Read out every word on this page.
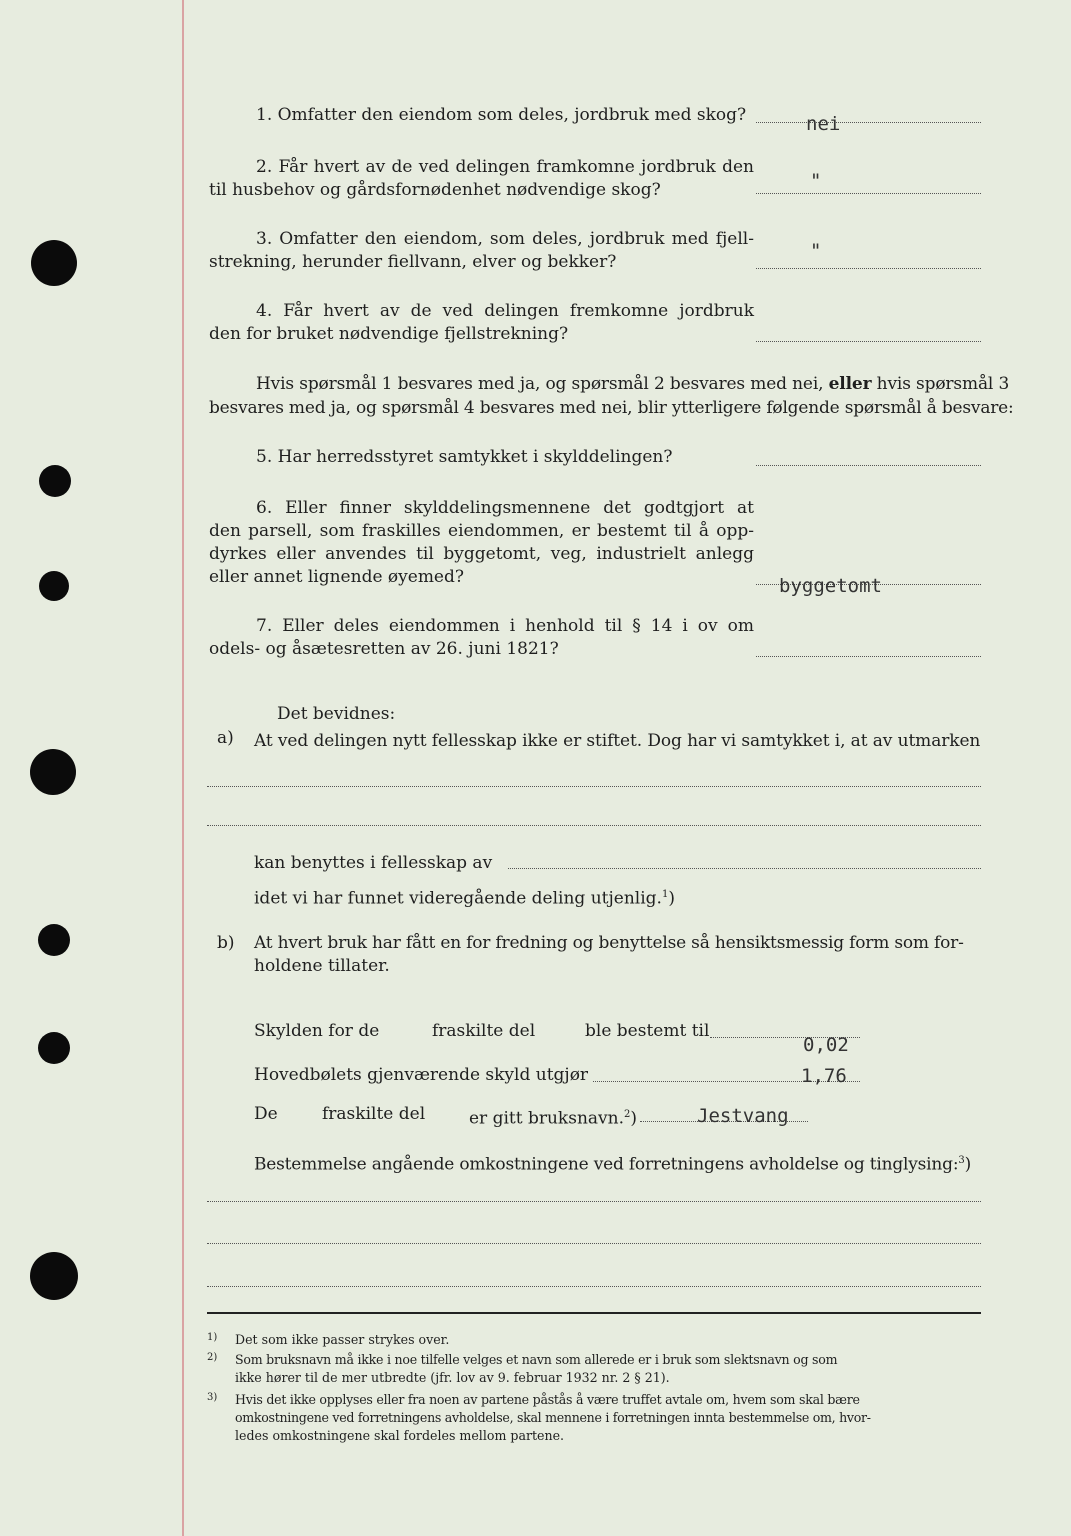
1. Omfatter den eiendom som deles, jordbruk med skog?	nei
2. Får hvert av de ved delingen framkomne jordbruk den
til husbehov og gårdsfornødenhet nødvendige skog?	"
3. Omfatter den eiendom, som deles, jordbruk med fjell-
strekning, herunder fiellvann, elver og bekker?	"
4. Får hvert av de ved delingen fremkomne jordbruk
den for bruket nødvendige fjellstrekning?
Hvis spørsmål 1 besvares med ja, og spørsmål 2 besvares med nei, eller hvis spørsmål 3
besvares med ja, og spørsmål 4 besvares med nei, blir ytterligere følgende spørsmål å besvare:
5. Har herredsstyret samtykket i skylddelingen?
6. Eller finner skylddelingsmennene det godtgjort at
den parsell, som fraskilles eiendommen, er bestemt til å opp-
dyrkes eller anvendes til byggetomt, veg, industrielt anlegg
eller annet lignende øyemed?	byggetomt
7. Eller deles eiendommen i henhold til § 14 i ov om
odels- og åsætesretten av 26. juni 1821?
Det bevidnes:
a) At ved delingen nytt fellesskap ikke er stiftet. Dog har vi samtykket i, at av utmarken
kan benyttes i fellesskap av
idet vi har funnet videregående deling utjenlig.$^1$)
b) At hvert bruk har fått en for fredning og benyttelse så hensiktsmessig form som for-
holdene tillater.
Skylden for de	fraskilte del	ble bestemt til
0,02
Hovedbølets gjenværende skyld utgjør	1,76
De	fraskilte del	er gitt bruksnavn.$^2$)	Jestvang
Bestemmelse angående omkostningene ved forretningens avholdelse og tinglysing:$^3$)
1) Det som ikke passer strykes over.
2) Som bruksnavn må ikke i noe tilfelle velges et navn som allerede er i bruk som slektsnavn og som
ikke hører til de mer utbredte (jfr. lov av 9. februar 1932 nr. 2 § 21).
3) Hvis det ikke opplyses eller fra noen av partene påstås å være truffet avtale om, hvem som skal bære
omkostningene ved forretningens avholdelse, skal mennene i forretningen innta bestemmelse om, hvor-
ledes omkostningene skal fordeles mellom partene.
